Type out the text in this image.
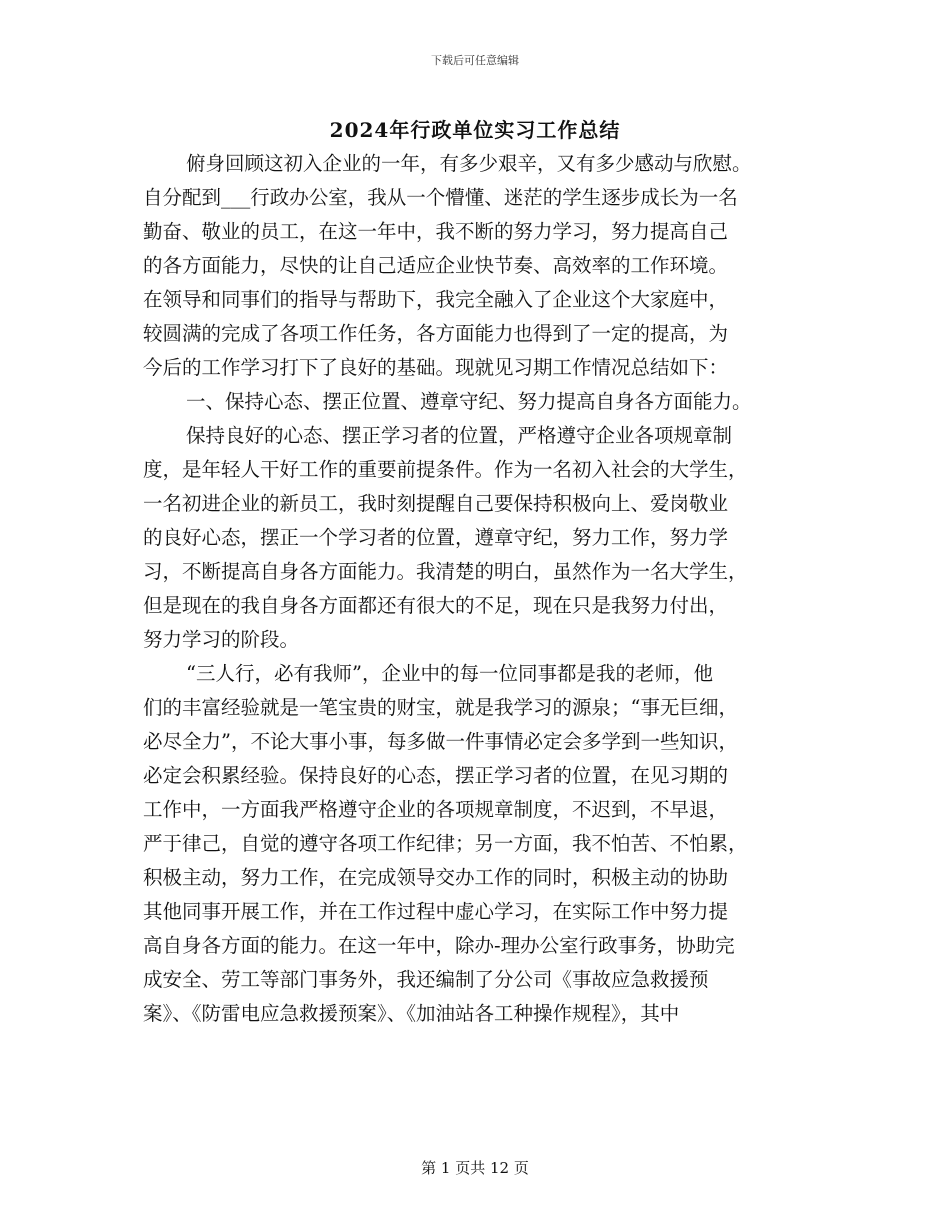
下载后可任意编辑
2024年行政单位实习工作总结
俯身回顾这初入企业的一年，有多少艰辛，又有多少感动与欣慰。
自分配到___行政办公室，我从一个懵懂、迷茫的学生逐步成长为一名
勤奋、敬业的员工，在这一年中，我不断的努力学习，努力提高自己
的各方面能力，尽快的让自己适应企业快节奏、高效率的工作环境。
在领导和同事们的指导与帮助下，我完全融入了企业这个大家庭中，
较圆满的完成了各项工作任务，各方面能力也得到了一定的提高，为
今后的工作学习打下了良好的基础。现就见习期工作情况总结如下：
一、保持心态、摆正位置、遵章守纪、努力提高自身各方面能力。
保持良好的心态、摆正学习者的位置，严格遵守企业各项规章制
度，是年轻人干好工作的重要前提条件。作为一名初入社会的大学生，
一名初进企业的新员工，我时刻提醒自己要保持积极向上、爱岗敬业
的良好心态，摆正一个学习者的位置，遵章守纪，努力工作，努力学
习，不断提高自身各方面能力。我清楚的明白，虽然作为一名大学生，
但是现在的我自身各方面都还有很大的不足，现在只是我努力付出，
努力学习的阶段。
“三人行，必有我师”，企业中的每一位同事都是我的老师，他
们的丰富经验就是一笔宝贵的财宝，就是我学习的源泉；“事无巨细，
必尽全力”，不论大事小事，每多做一件事情必定会多学到一些知识，
必定会积累经验。保持良好的心态，摆正学习者的位置，在见习期的
工作中，一方面我严格遵守企业的各项规章制度，不迟到，不早退，
严于律己，自觉的遵守各项工作纪律；另一方面，我不怕苦、不怕累，
积极主动，努力工作，在完成领导交办工作的同时，积极主动的协助
其他同事开展工作，并在工作过程中虚心学习，在实际工作中努力提
高自身各方面的能力。在这一年中，除办-理办公室行政事务，协助完
成安全、劳工等部门事务外，我还编制了分公司《事故应急救援预
案》、《防雷电应急救援预案》、《加油站各工种操作规程》，其中
第 1 页共 12 页
